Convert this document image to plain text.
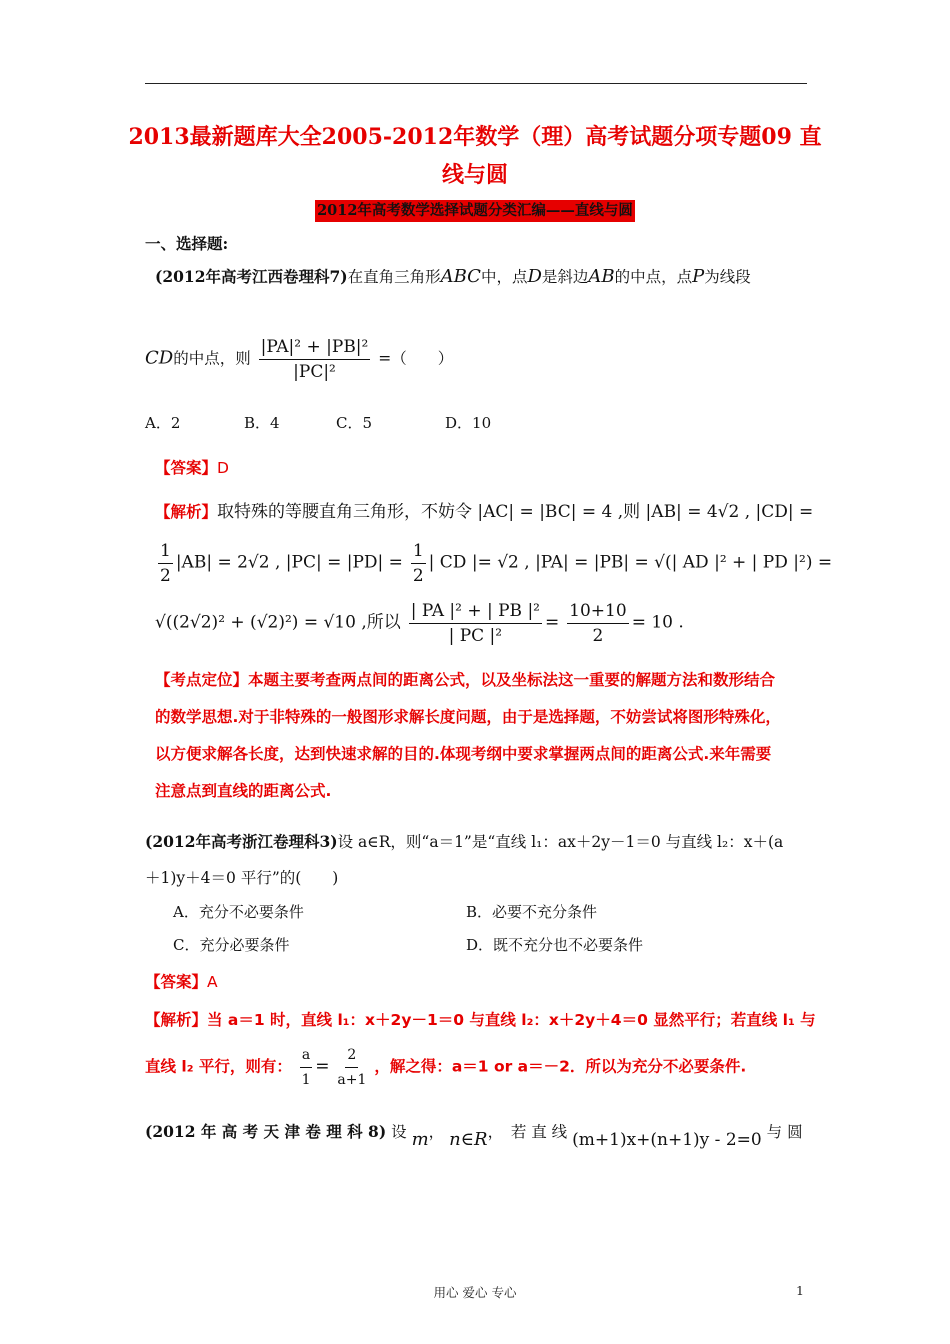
2013最新题库大全2005-2012年数学（理）高考试题分项专题09 直
线与圆
2012年高考数学选择试题分类汇编——直线与圆
一、选择题:
(2012年高考江西卷理科7)在直角三角形ABC中，点D是斜边AB的中点，点P为线段
CD的中点，则 $\frac{\text{|PA|² + |PB|²}}{\text{|PC|²}}$ =（　　）
A．2	B．4	C．5	D．10
【答案】D
【解析】取特殊的等腰直角三角形，不妨令 |AC| = |BC| = 4 ,则 |AB| = 4√2 , |CD| =
$\frac{1}{2} |AB| = 2√2$ , $|PC| = |PD| = \frac{1}{2}$ | CD |= √2 , |PA| = |PB| = √(| AD |² + | PD |²) =
√((2√2)² + (√2)²) = √10 ,所以 $\frac{\text{| PA |² + | PB |²}}{\text{| PC |²}} = \frac{10+10}{2} = 10$ .
【考点定位】本题主要考查两点间的距离公式，以及坐标法这一重要的解题方法和数形结合
的数学思想.对于非特殊的一般图形求解长度问题，由于是选择题，不妨尝试将图形特殊化，
以方便求解各长度，达到快速求解的目的.体现考纲中要求掌握两点间的距离公式.来年需要
注意点到直线的距离公式.
(2012年高考浙江卷理科3)设 a∈R，则“a＝1”是“直线 l₁：ax＋2y－1＝0 与直线 l₂：x＋(a
＋1)y＋4＝0 平行”的(　　)
A．充分不必要条件	B．必要不充分条件
C．充分必要条件	D．既不充分也不必要条件
【答案】A
【解析】当 a＝1 时，直线 l₁：x＋2y－1＝0 与直线 l₂：x＋2y＋4＝0 显然平行；若直线 l₁ 与
直线 l₂ 平行，则有： $\frac{a}{1} = \frac{2}{a+1}$ ，解之得：a＝1 or a＝－2．所以为充分不必要条件.
(2012 年 高 考 天 津 卷 理 科 8) 设 m， n∈R，　若 直 线 (m+1)x+(n+1)y - 2=0 与 圆
用心 爱心 专心	1
